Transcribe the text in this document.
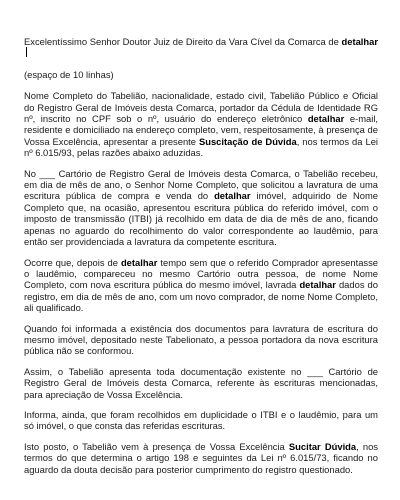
Excelentíssimo Senhor Doutor Juiz de Direito da Vara Cível da Comarca de detalhar

(espaço de 10 linhas)

Nome Completo do Tabelião, nacionalidade, estado civil, Tabelião Público e Oficial do Registro Geral de Imóveis desta Comarca, portador da Cédula de Identidade RG nº, inscrito no CPF sob o nº, usuário do endereço eletrônico detalhar e-mail, residente e domiciliado na endereço completo, vem, respeitosamente, à presença de Vossa Excelência, apresentar a presente Suscitação de Dúvida, nos termos da Lei nº 6.015/93, pelas razões abaixo aduzidas.

No ___ Cartório de Registro Geral de Imóveis desta Comarca, o Tabelião recebeu, em dia de mês de ano, o Senhor Nome Completo, que solicitou a lavratura de uma escritura pública de compra e venda do detalhar imóvel, adquirido de Nome Completo que, na ocasião, apresentou escritura pública do referido imóvel, com o imposto de transmissão (ITBI) já recolhido em data de dia de mês de ano, ficando apenas no aguardo do recolhimento do valor correspondente ao laudêmio, para então ser providenciada a lavratura da competente escritura.

Ocorre que, depois de detalhar tempo sem que o referido Comprador apresentasse o laudêmio, compareceu no mesmo Cartório outra pessoa, de nome Nome Completo, com nova escritura pública do mesmo imóvel, lavrada detalhar dados do registro, em dia de mês de ano, com um novo comprador, de nome Nome Completo, ali qualificado.

Quando foi informada a existência dos documentos para lavratura de escritura do mesmo imóvel, depositado neste Tabelionato, a pessoa portadora da nova escritura pública não se conformou.

Assim, o Tabelião apresenta toda documentação existente no ___ Cartório de Registro Geral de Imóveis desta Comarca, referente às escrituras mencionadas, para apreciação de Vossa Excelência.

Informa, ainda, que foram recolhidos em duplicidade o ITBI e o laudêmio, para um só imóvel, o que consta das referidas escrituras.

Isto posto, o Tabelião vem à presença de Vossa Excelência Sucitar Dúvida, nos termos do que determina o artigo 198 e seguintes da Lei nº 6.015/73, ficando no aguardo da douta decisão para posterior cumprimento do registro questionado.
